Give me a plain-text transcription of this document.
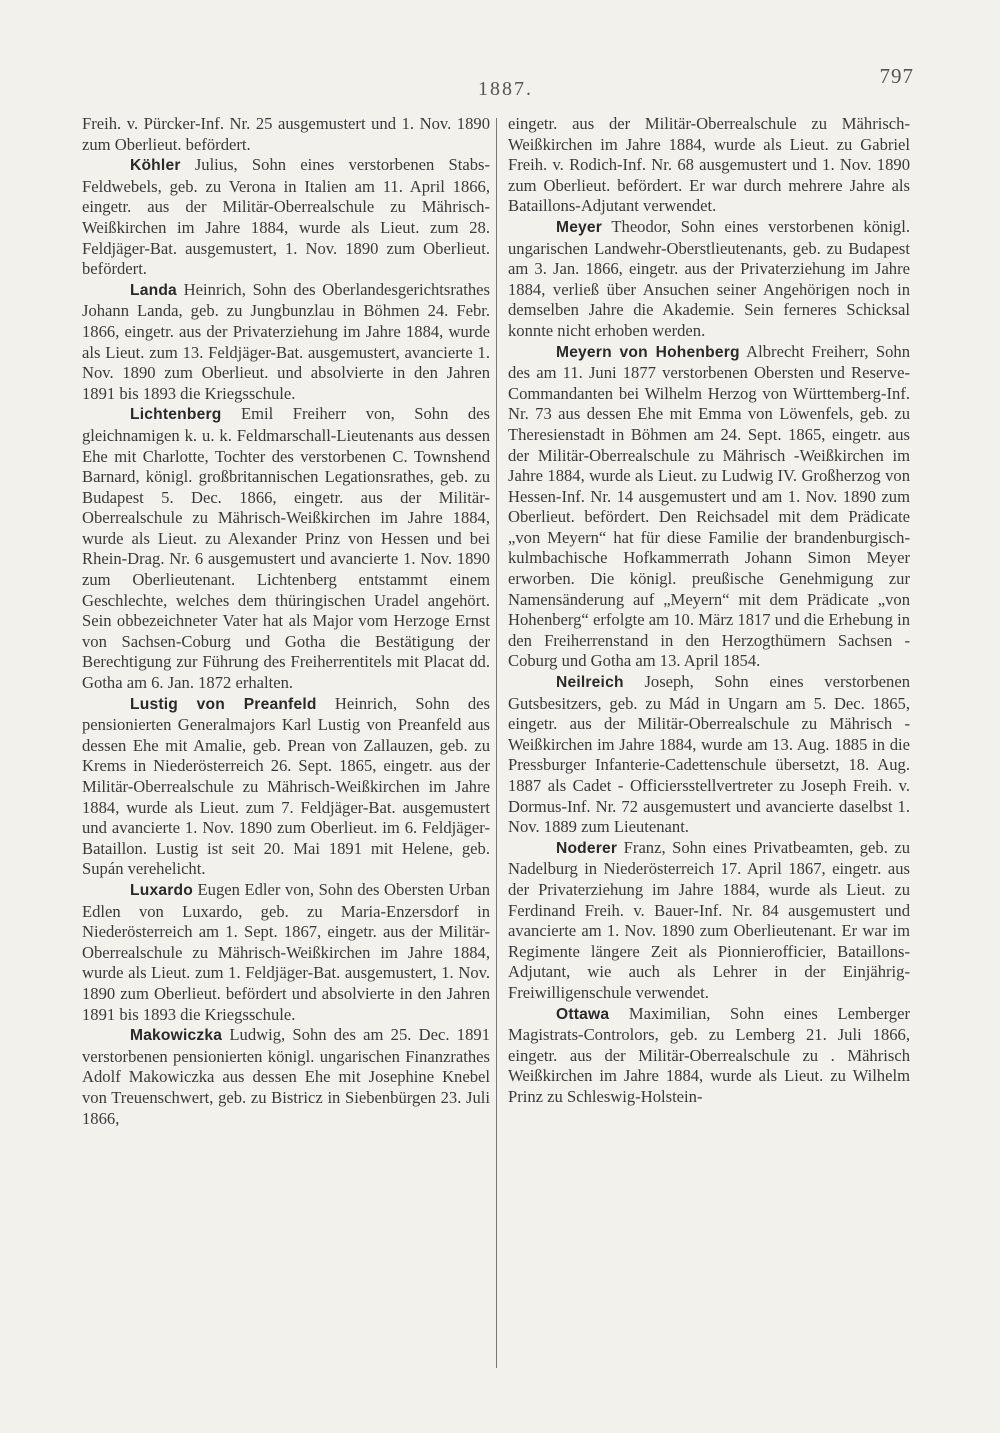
1887.
797

Freih. v. Pürcker-Inf. Nr. 25 ausgemustert und 1. Nov. 1890 zum Oberlieut. befördert.

Köhler Julius, Sohn eines verstorbenen Stabs-Feldwebels, geb. zu Verona in Italien am 11. April 1866, eingetr. aus der Militär-Oberrealschule zu Mährisch-Weißkirchen im Jahre 1884, wurde als Lieut. zum 28. Feldjäger-Bat. ausgemustert, 1. Nov. 1890 zum Oberlieut. befördert.

Landa Heinrich, Sohn des Oberlandesgerichtsrathes Johann Landa, geb. zu Jungbunzlau in Böhmen 24. Febr. 1866, eingetr. aus der Privaterziehung im Jahre 1884, wurde als Lieut. zum 13. Feldjäger-Bat. ausgemustert, avancierte 1. Nov. 1890 zum Oberlieut. und absolvierte in den Jahren 1891 bis 1893 die Kriegsschule.

Lichtenberg Emil Freiherr von, Sohn des gleichnamigen k. u. k. Feldmarschall-Lieutenants aus dessen Ehe mit Charlotte, Tochter des verstorbenen C. Townshend Barnard, königl. großbritannischen Legationsrathes, geb. zu Budapest 5. Dec. 1866, eingetr. aus der Militär-Oberrealschule zu Mährisch-Weißkirchen im Jahre 1884, wurde als Lieut. zu Alexander Prinz von Hessen und bei Rhein-Drag. Nr. 6 ausgemustert und avancierte 1. Nov. 1890 zum Oberlieutenant. Lichtenberg entstammt einem Geschlechte, welches dem thüringischen Uradel angehört. Sein obbezeichneter Vater hat als Major vom Herzoge Ernst von Sachsen-Coburg und Gotha die Bestätigung der Berechtigung zur Führung des Freiherrentitels mit Placat dd. Gotha am 6. Jan. 1872 erhalten.

Lustig von Preanfeld Heinrich, Sohn des pensionierten Generalmajors Karl Lustig von Preanfeld aus dessen Ehe mit Amalie, geb. Prean von Zallauzen, geb. zu Krems in Niederösterreich 26. Sept. 1865, eingetr. aus der Militär-Oberrealschule zu Mährisch-Weißkirchen im Jahre 1884, wurde als Lieut. zum 7. Feldjäger-Bat. ausgemustert und avancierte 1. Nov. 1890 zum Oberlieut. im 6. Feldjäger-Bataillon. Lustig ist seit 20. Mai 1891 mit Helene, geb. Supán verehelicht.

Luxardo Eugen Edler von, Sohn des Obersten Urban Edlen von Luxardo, geb. zu Maria-Enzersdorf in Niederösterreich am 1. Sept. 1867, eingetr. aus der Militär-Oberrealschule zu Mährisch-Weißkirchen im Jahre 1884, wurde als Lieut. zum 1. Feldjäger-Bat. ausgemustert, 1. Nov. 1890 zum Oberlieut. befördert und absolvierte in den Jahren 1891 bis 1893 die Kriegsschule.

Makowiczka Ludwig, Sohn des am 25. Dec. 1891 verstorbenen pensionierten königl. ungarischen Finanzrathes Adolf Makowiczka aus dessen Ehe mit Josephine Knebel von Treuenschwert, geb. zu Bistricz in Siebenbürgen 23. Juli 1866,

eingetr. aus der Militär-Oberrealschule zu Mährisch-Weißkirchen im Jahre 1884, wurde als Lieut. zu Gabriel Freih. v. Rodich-Inf. Nr. 68 ausgemustert und 1. Nov. 1890 zum Oberlieut. befördert. Er war durch mehrere Jahre als Bataillons-Adjutant verwendet.

Meyer Theodor, Sohn eines verstorbenen königl. ungarischen Landwehr-Oberstlieutenants, geb. zu Budapest am 3. Jan. 1866, eingetr. aus der Privaterziehung im Jahre 1884, verließ über Ansuchen seiner Angehörigen noch in demselben Jahre die Akademie. Sein ferneres Schicksal konnte nicht erhoben werden.

Meyern von Hohenberg Albrecht Freiherr, Sohn des am 11. Juni 1877 verstorbenen Obersten und Reserve-Commandanten bei Wilhelm Herzog von Württemberg-Inf. Nr. 73 aus dessen Ehe mit Emma von Löwenfels, geb. zu Theresienstadt in Böhmen am 24. Sept. 1865, eingetr. aus der Militär-Oberrealschule zu Mährisch -Weißkirchen im Jahre 1884, wurde als Lieut. zu Ludwig IV. Großherzog von Hessen-Inf. Nr. 14 ausgemustert und am 1. Nov. 1890 zum Oberlieut. befördert. Den Reichsadel mit dem Prädicate „von Meyern“ hat für diese Familie der brandenburgisch-kulmbachische Hofkammerrath Johann Simon Meyer erworben. Die königl. preußische Genehmigung zur Namensänderung auf „Meyern“ mit dem Prädicate „von Hohenberg“ erfolgte am 10. März 1817 und die Erhebung in den Freiherrenstand in den Herzogthümern Sachsen - Coburg und Gotha am 13. April 1854.

Neilreich Joseph, Sohn eines verstorbenen Gutsbesitzers, geb. zu Mád in Ungarn am 5. Dec. 1865, eingetr. aus der Militär-Oberrealschule zu Mährisch -Weißkirchen im Jahre 1884, wurde am 13. Aug. 1885 in die Pressburger Infanterie-Cadettenschule übersetzt, 18. Aug. 1887 als Cadet - Officiersstellvertreter zu Joseph Freih. v. Dormus-Inf. Nr. 72 ausgemustert und avancierte daselbst 1. Nov. 1889 zum Lieutenant.

Noderer Franz, Sohn eines Privatbeamten, geb. zu Nadelburg in Niederösterreich 17. April 1867, eingetr. aus der Privaterziehung im Jahre 1884, wurde als Lieut. zu Ferdinand Freih. v. Bauer-Inf. Nr. 84 ausgemustert und avancierte am 1. Nov. 1890 zum Oberlieutenant. Er war im Regimente längere Zeit als Pionnierofficier, Bataillons-Adjutant, wie auch als Lehrer in der Einjährig-Freiwilligenschule verwendet.

Ottawa Maximilian, Sohn eines Lemberger Magistrats-Controlors, geb. zu Lemberg 21. Juli 1866, eingetr. aus der Militär-Oberrealschule zu . Mährisch Weißkirchen im Jahre 1884, wurde als Lieut. zu Wilhelm Prinz zu Schleswig-Holstein-
